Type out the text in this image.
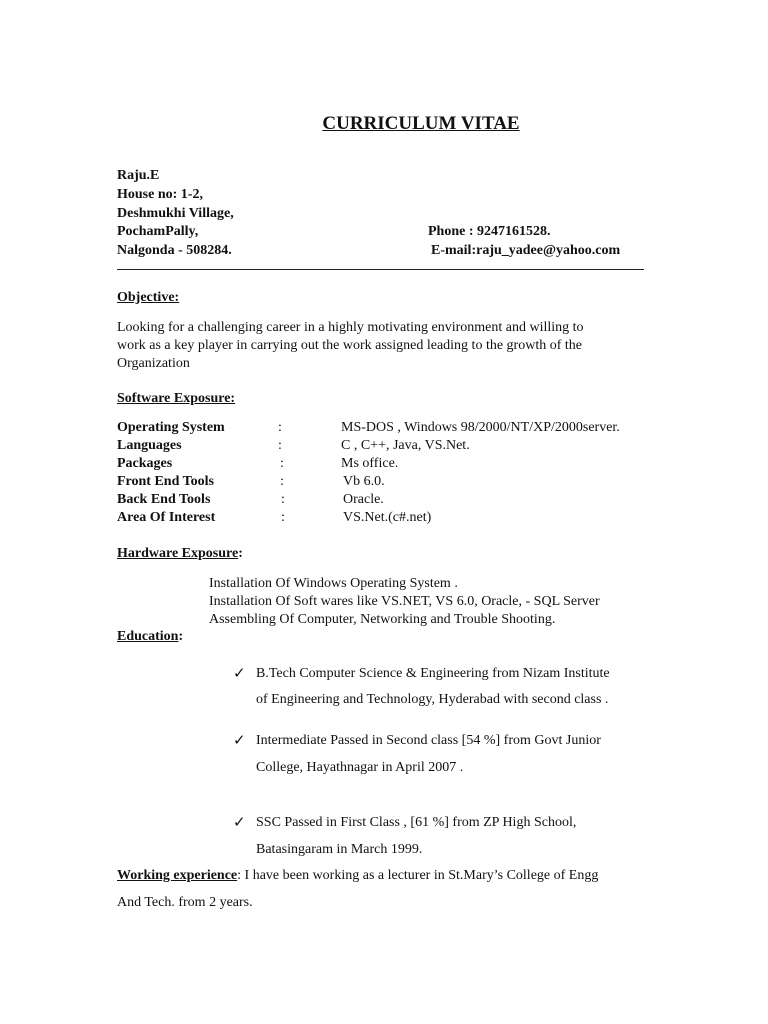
CURRICULUM VITAE
Raju.E
House no: 1-2,
Deshmukhi Village,
PochamPally,
Nalgonda - 508284.
Phone : 9247161528.
E-mail:raju_yadee@yahoo.com
Objective:
Looking for a challenging career in a highly motivating environment and willing to
work as a key player in carrying out the work assigned leading to the growth of the
Organization
Software Exposure:
Operating System	:	MS-DOS , Windows 98/2000/NT/XP/2000server.
Languages	:	C , C++, Java, VS.Net.
Packages	:	Ms office.
Front End Tools	:	Vb 6.0.
Back End Tools	:	Oracle.
Area Of Interest	:	VS.Net.(c#.net)
Hardware Exposure:
Installation Of Windows Operating System .
Installation Of Soft wares like VS.NET, VS 6.0, Oracle, - SQL Server
Assembling Of Computer, Networking and Trouble Shooting.
Education:
✓ B.Tech Computer Science & Engineering from Nizam Institute
of Engineering and Technology, Hyderabad with second class .
✓ Intermediate Passed in Second class [54 %] from Govt Junior
College, Hayathnagar in April 2007 .
✓ SSC Passed in First Class , [61 %] from ZP High School,
Batasingaram in March 1999.
Working experience: I have been working as a lecturer in St.Mary’s College of Engg
And Tech. from 2 years.
